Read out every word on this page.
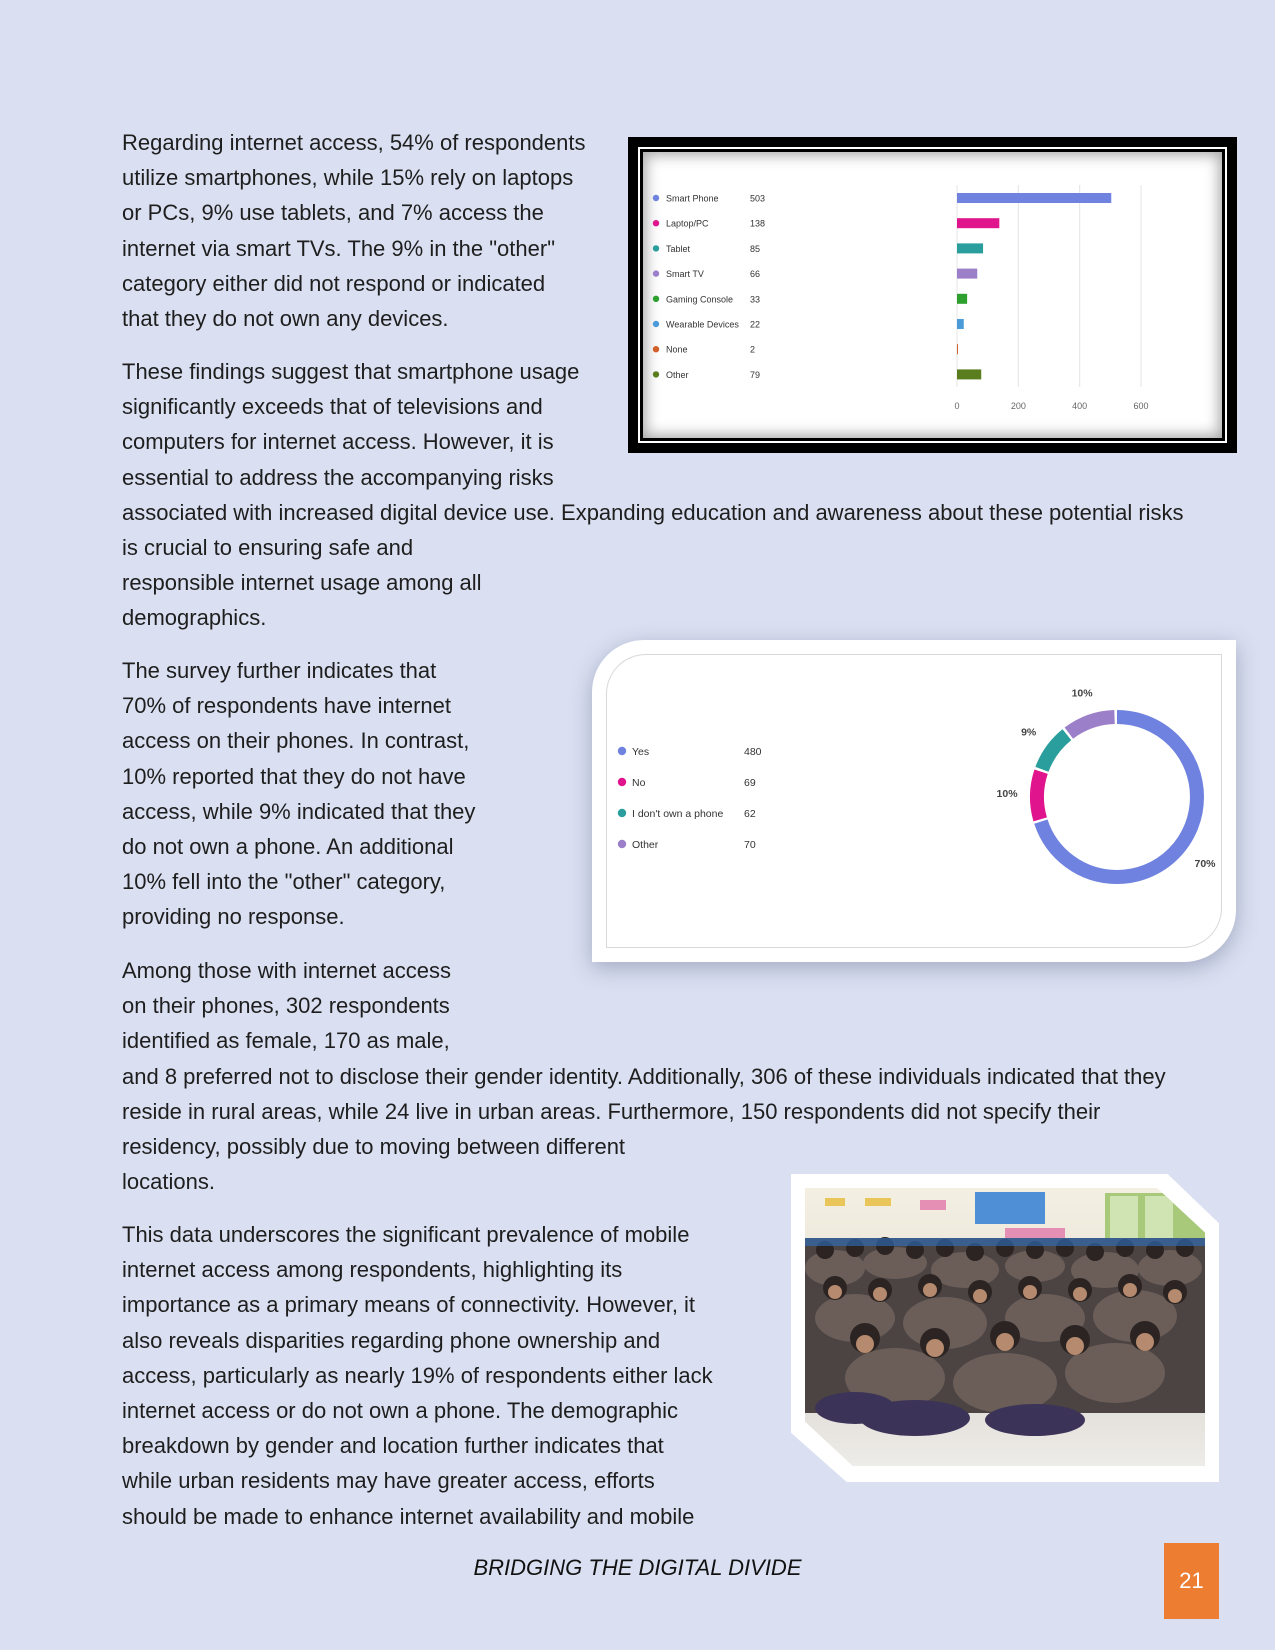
Regarding internet access, 54% of respondents
utilize smartphones, while 15% rely on laptops
or PCs, 9% use tablets, and 7% access the
internet via smart TVs. The 9% in the "other"
category either did not respond or indicated
that they do not own any devices.
These findings suggest that smartphone usage
significantly exceeds that of televisions and
computers for internet access. However, it is
essential to address the accompanying risks
associated with increased digital device use. Expanding education and awareness about these potential risks
is crucial to ensuring safe and
responsible internet usage among all
demographics.
The survey further indicates that
70% of respondents have internet
access on their phones. In contrast,
10% reported that they do not have
access, while 9% indicated that they
do not own a phone. An additional
10% fell into the "other" category,
providing no response.
Among those with internet access
on their phones, 302 respondents
identified as female, 170 as male,
and 8 preferred not to disclose their gender identity. Additionally, 306 of these individuals indicated that they
reside in rural areas, while 24 live in urban areas. Furthermore, 150 respondents did not specify their
residency, possibly due to moving between different
locations.
This data underscores the significant prevalence of mobile
internet access among respondents, highlighting its
importance as a primary means of connectivity. However, it
also reveals disparities regarding phone ownership and
access, particularly as nearly 19% of respondents either lack
internet access or do not own a phone. The demographic
breakdown by gender and location further indicates that
while urban residents may have greater access, efforts
should be made to enhance internet availability and mobile
0	200	400	600
Smart Phone	503
Laptop/PC	138
Tablet	85
Smart TV	66
Gaming Console 33
Wearable Devices 22
None	2
Other	79
Yes	480
No	69
I don't own a phone 62
Other	70
70%
10%
9%
10%
BRIDGING THE DIGITAL DIVIDE
21
